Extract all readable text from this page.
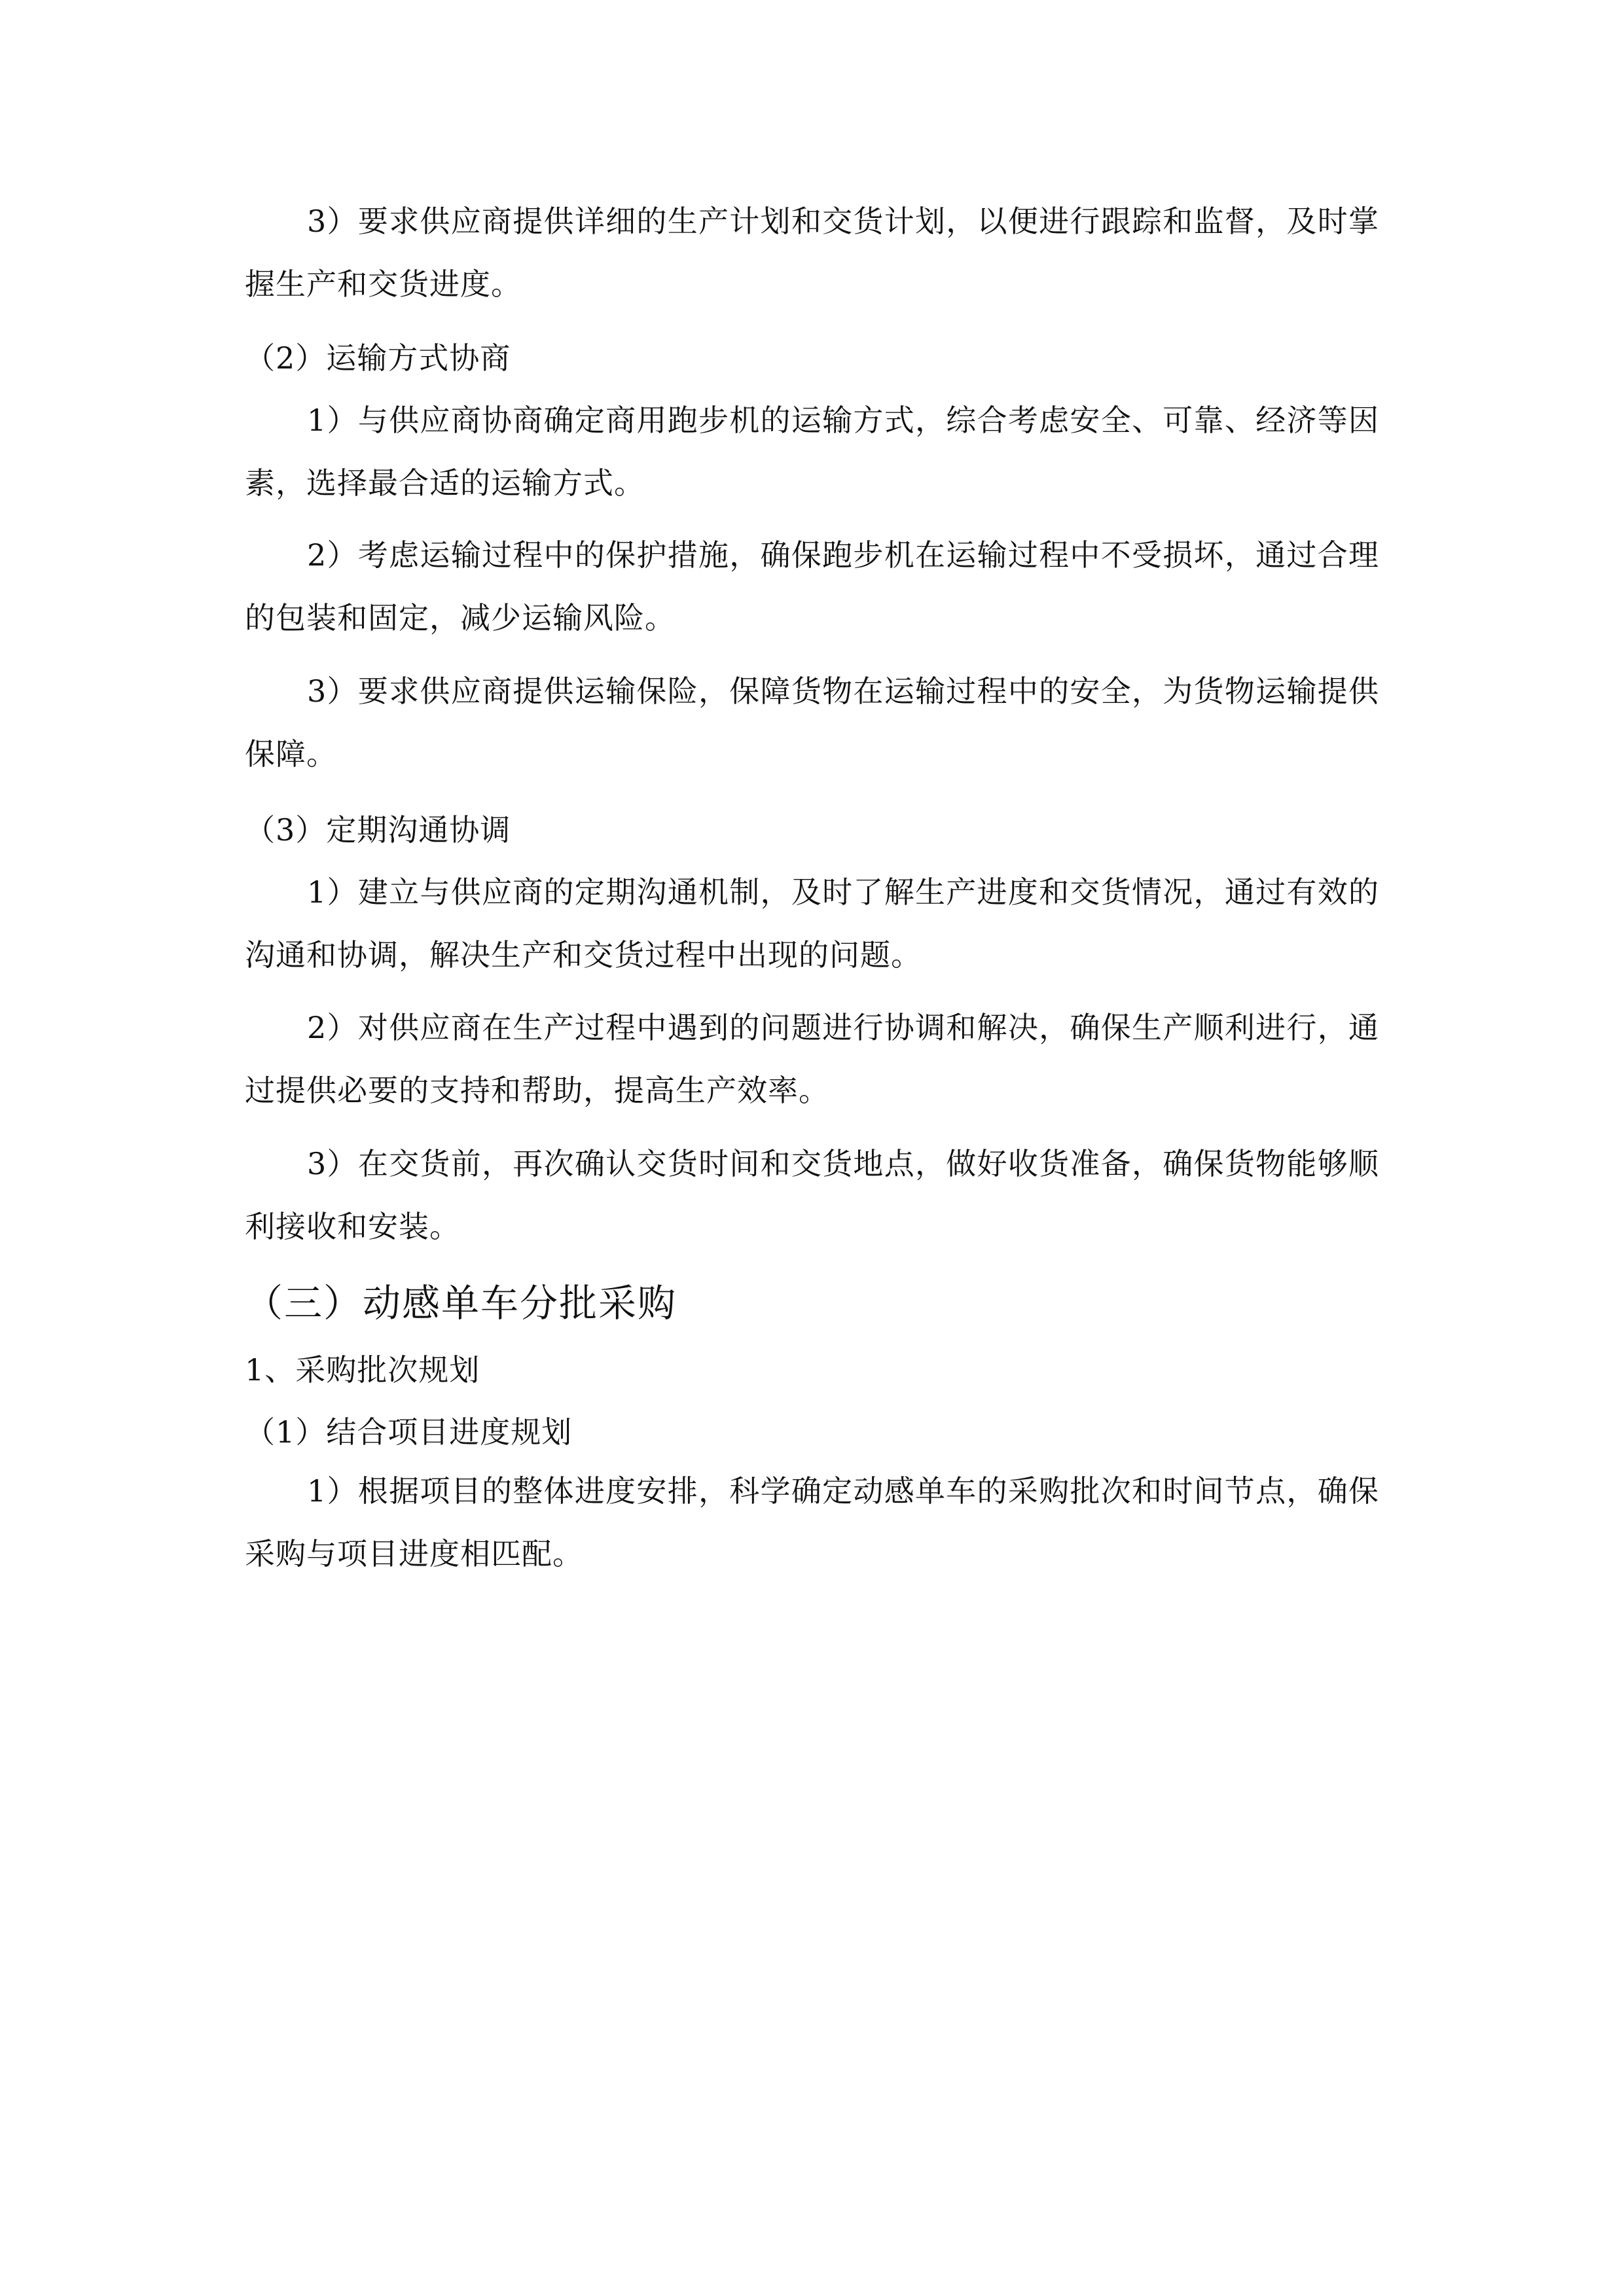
3）要求供应商提供详细的生产计划和交货计划，以便进行跟踪和监督，及时掌握生产和交货进度。

（2）运输方式协商

1）与供应商协商确定商用跑步机的运输方式，综合考虑安全、可靠、经济等因素，选择最合适的运输方式。

2）考虑运输过程中的保护措施，确保跑步机在运输过程中不受损坏，通过合理的包装和固定，减少运输风险。

3）要求供应商提供运输保险，保障货物在运输过程中的安全，为货物运输提供保障。

（3）定期沟通协调

1）建立与供应商的定期沟通机制，及时了解生产进度和交货情况，通过有效的沟通和协调，解决生产和交货过程中出现的问题。

2）对供应商在生产过程中遇到的问题进行协调和解决，确保生产顺利进行，通过提供必要的支持和帮助，提高生产效率。

3）在交货前，再次确认交货时间和交货地点，做好收货准备，确保货物能够顺利接收和安装。

（三）动感单车分批采购
1、采购批次规划
（1）结合项目进度规划

1）根据项目的整体进度安排，科学确定动感单车的采购批次和时间节点，确保采购与项目进度相匹配。
